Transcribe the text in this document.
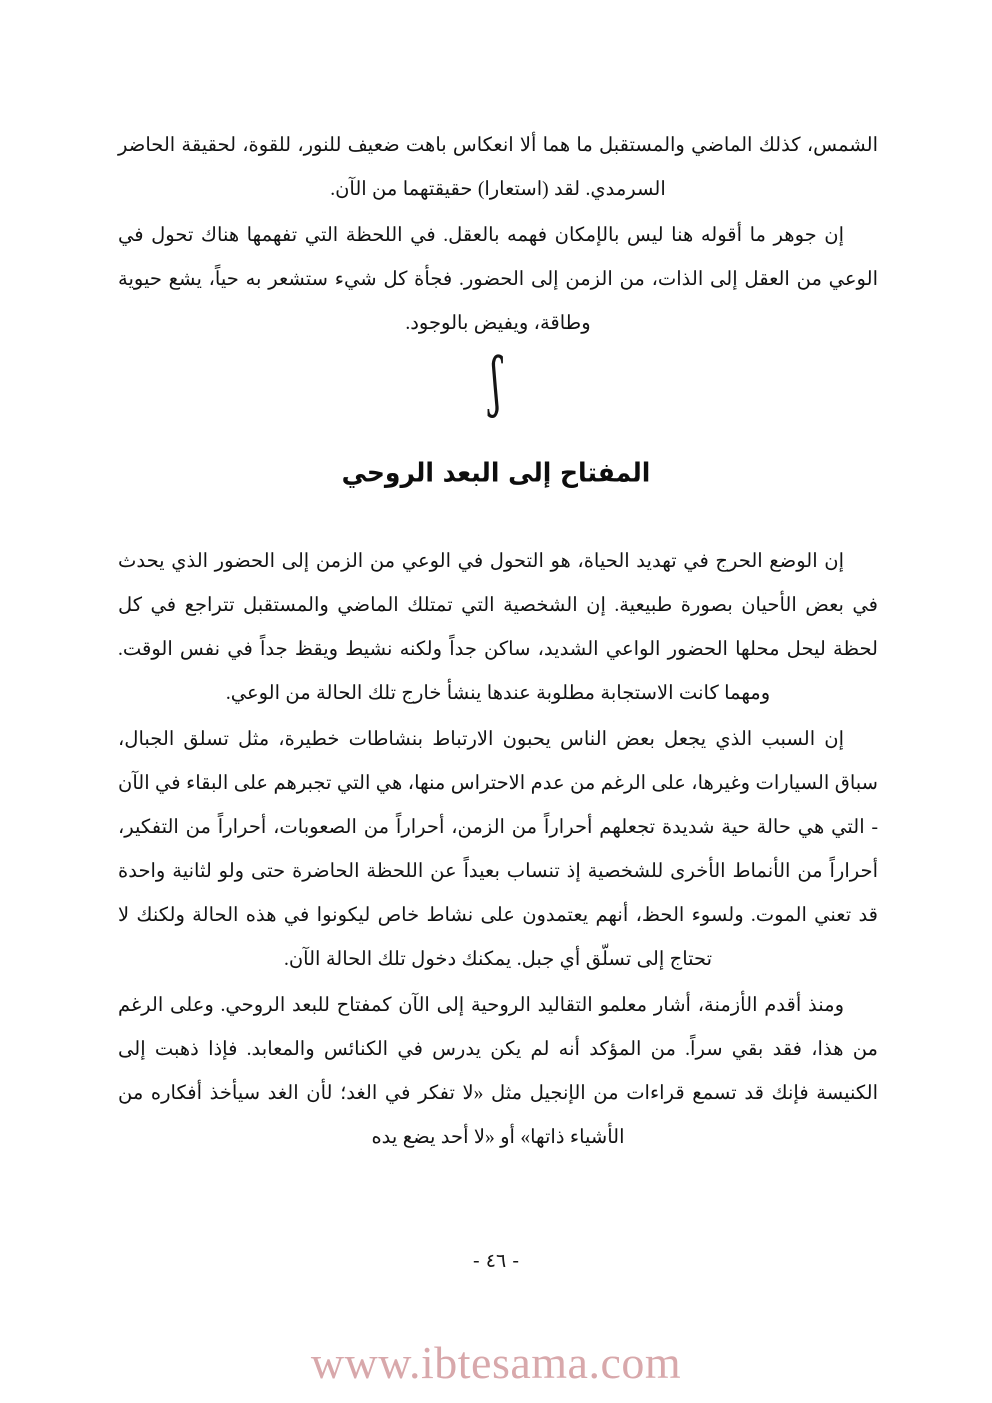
الشمس، كذلك الماضي والمستقبل ما هما ألا انعكاس باهت ضعيف للنور، للقوة، لحقيقة الحاضر السرمدي. لقد (استعارا) حقيقتهما من الآن.

إن جوهر ما أقوله هنا ليس بالإمكان فهمه بالعقل. في اللحظة التي تفهمها هناك تحول في الوعي من العقل إلى الذات، من الزمن إلى الحضور. فجأة كل شيء ستشعر به حياً، يشع حيوية وطاقة، ويفيض بالوجود.

ʃ
المفتاح إلى البعد الروحي

إن الوضع الحرج في تهديد الحياة، هو التحول في الوعي من الزمن إلى الحضور الذي يحدث في بعض الأحيان بصورة طبيعية. إن الشخصية التي تمتلك الماضي والمستقبل تتراجع في كل لحظة ليحل محلها الحضور الواعي الشديد، ساكن جداً ولكنه نشيط ويقظ جداً في نفس الوقت. ومهما كانت الاستجابة مطلوبة عندها ينشأ خارج تلك الحالة من الوعي.

إن السبب الذي يجعل بعض الناس يحبون الارتباط بنشاطات خطيرة، مثل تسلق الجبال، سباق السيارات وغيرها، على الرغم من عدم الاحتراس منها، هي التي تجبرهم على البقاء في الآن - التي هي حالة حية شديدة تجعلهم أحراراً من الزمن، أحراراً من الصعوبات، أحراراً من التفكير، أحراراً من الأنماط الأخرى للشخصية إذ تنساب بعيداً عن اللحظة الحاضرة حتى ولو لثانية واحدة قد تعني الموت. ولسوء الحظ، أنهم يعتمدون على نشاط خاص ليكونوا في هذه الحالة ولكنك لا تحتاج إلى تسلّق أي جبل. يمكنك دخول تلك الحالة الآن.

ومنذ أقدم الأزمنة، أشار معلمو التقاليد الروحية إلى الآن كمفتاح للبعد الروحي. وعلى الرغم من هذا، فقد بقي سراً. من المؤكد أنه لم يكن يدرس في الكنائس والمعابد. فإذا ذهبت إلى الكنيسة فإنك قد تسمع قراءات من الإنجيل مثل «لا تفكر في الغد؛ لأن الغد سيأخذ أفكاره من الأشياء ذاتها» أو «لا أحد يضع يده

- ٤٦ -
www.ibtesama.com
